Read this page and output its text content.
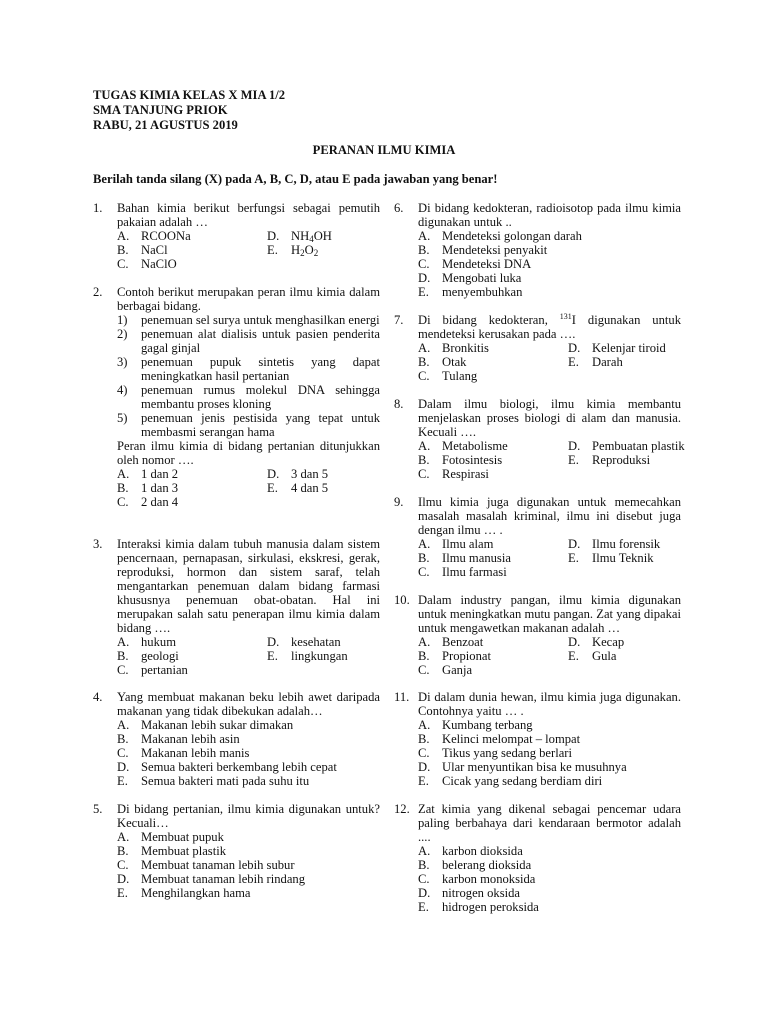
TUGAS KIMIA KELAS X MIA 1/2
SMA TANJUNG PRIOK
RABU, 21 AGUSTUS 2019
PERANAN ILMU KIMIA
Berilah tanda silang (X) pada A, B, C, D, atau E pada jawaban yang benar!
1. Bahan kimia berikut berfungsi sebagai pemutih pakaian adalah …
A. RCOONa	D. $NH_4OH$
B. NaCl	E. $H_2O_2$
C. NaClO
2. Contoh berikut merupakan peran ilmu kimia dalam berbagai bidang.
1) penemuan sel surya untuk menghasilkan energi
2) penemuan alat dialisis untuk pasien penderita gagal ginjal
3) penemuan pupuk sintetis yang dapat meningkatkan hasil pertanian
4) penemuan rumus molekul DNA sehingga membantu proses kloning
5) penemuan jenis pestisida yang tepat untuk membasmi serangan hama
Peran ilmu kimia di bidang pertanian ditunjukkan oleh nomor ….
A. 1 dan 2	D. 3 dan 5
B. 1 dan 3	E. 4 dan 5
C. 2 dan 4
3. Interaksi kimia dalam tubuh manusia dalam sistem pencernaan, pernapasan, sirkulasi, ekskresi, gerak, reproduksi, hormon dan sistem saraf, telah mengantarkan penemuan dalam bidang farmasi khususnya penemuan obat-obatan. Hal ini merupakan salah satu penerapan ilmu kimia dalam bidang ….
A. hukum	D. kesehatan
B. geologi	E. lingkungan
C. pertanian
4. Yang membuat makanan beku lebih awet daripada makanan yang tidak dibekukan adalah…
A. Makanan lebih sukar dimakan
B. Makanan lebih asin
C. Makanan lebih manis
D. Semua bakteri berkembang lebih cepat
E. Semua bakteri mati pada suhu itu
5. Di bidang pertanian, ilmu kimia digunakan untuk? Kecuali…
A. Membuat pupuk
B. Membuat plastik
C. Membuat tanaman lebih subur
D. Membuat tanaman lebih rindang
E. Menghilangkan hama
6. Di bidang kedokteran, radioisotop pada ilmu kimia digunakan untuk ..
A. Mendeteksi golongan darah
B. Mendeteksi penyakit
C. Mendeteksi DNA
D. Mengobati luka
E. menyembuhkan
7. Di bidang kedokteran, $^{131}$I digunakan untuk mendeteksi kerusakan pada ….
A. Bronkitis	D. Kelenjar tiroid
B. Otak	E. Darah
C. Tulang
8. Dalam ilmu biologi, ilmu kimia membantu menjelaskan proses biologi di alam dan manusia. Kecuali ….
A. Metabolisme	D. Pembuatan plastik
B. Fotosintesis	E. Reproduksi
C. Respirasi
9. Ilmu kimia juga digunakan untuk memecahkan masalah masalah kriminal, ilmu ini disebut juga dengan ilmu … .
A. Ilmu alam	D. Ilmu forensik
B. Ilmu manusia	E. Ilmu Teknik
C. Ilmu farmasi
10. Dalam industry pangan, ilmu kimia digunakan untuk meningkatkan mutu pangan. Zat yang dipakai untuk mengawetkan makanan adalah …
A. Benzoat	D. Kecap
B. Propionat	E. Gula
C. Ganja
11. Di dalam dunia hewan, ilmu kimia juga digunakan. Contohnya yaitu … .
A. Kumbang terbang
B. Kelinci melompat – lompat
C. Tikus yang sedang berlari
D. Ular menyuntikan bisa ke musuhnya
E. Cicak yang sedang berdiam diri
12. Zat kimia yang dikenal sebagai pencemar udara paling berbahaya dari kendaraan bermotor adalah ....
A. karbon dioksida
B. belerang dioksida
C. karbon monoksida
D. nitrogen oksida
E. hidrogen peroksida
